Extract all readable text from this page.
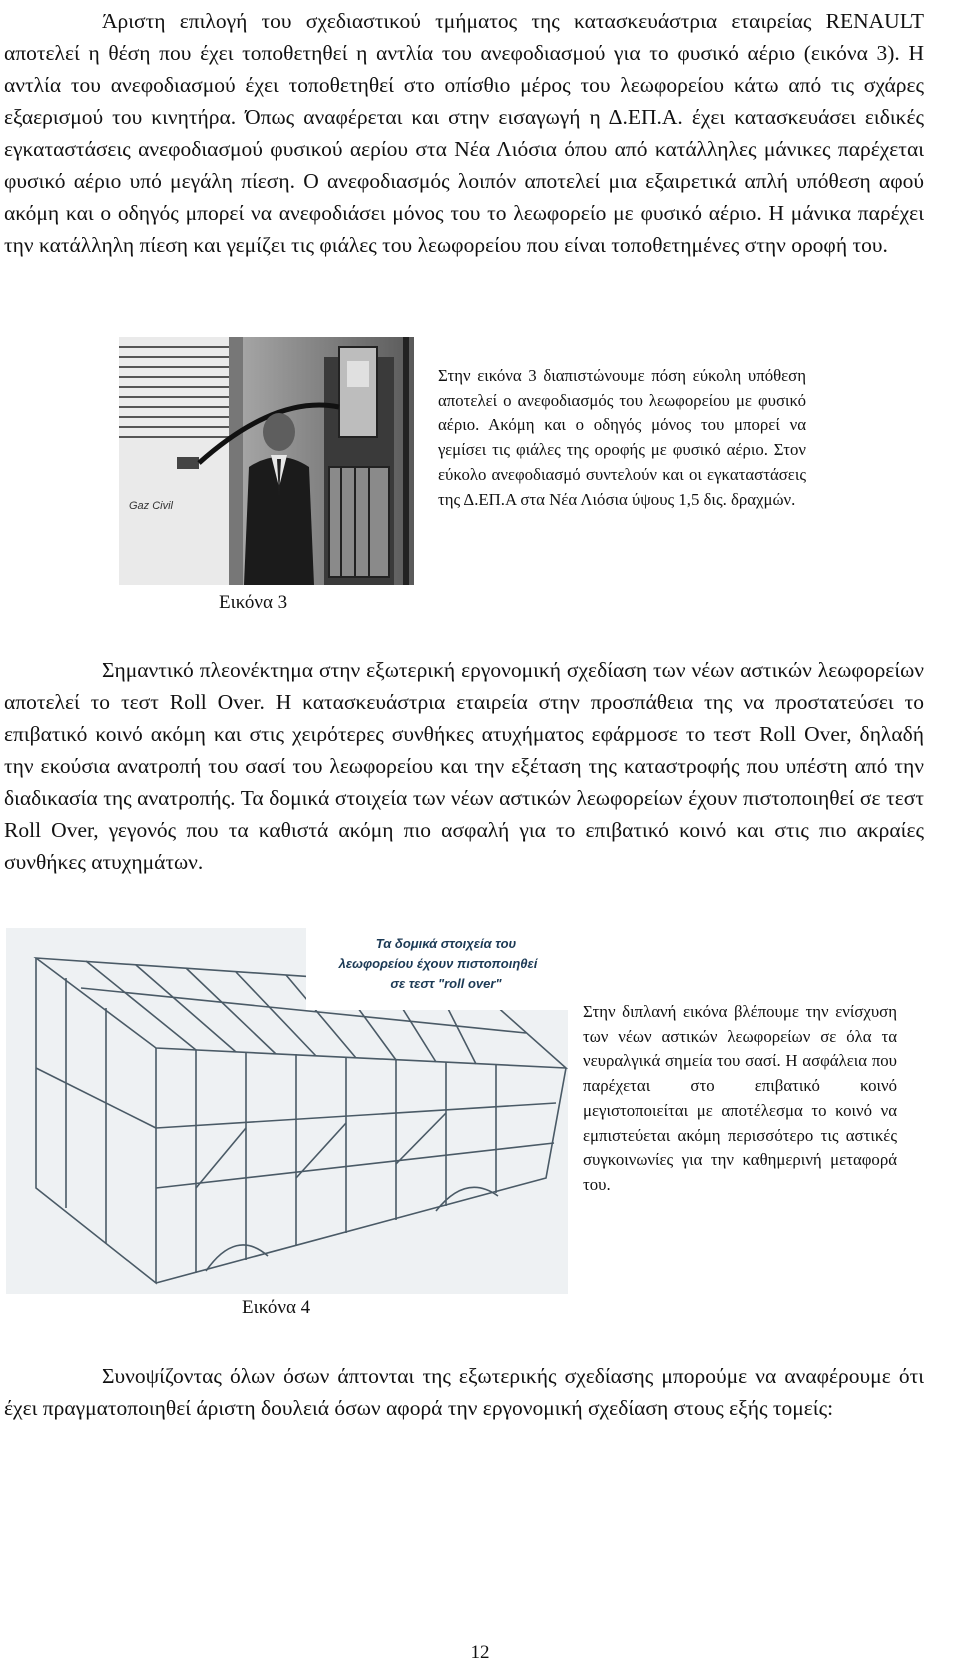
Άριστη επιλογή του σχεδιαστικού τμήματος της κατασκευάστρια εταιρείας RENAULT αποτελεί η θέση που έχει τοποθετηθεί η αντλία του ανεφοδιασμού για το φυσικό αέριο (εικόνα 3). Η αντλία του ανεφοδιασμού έχει τοποθετηθεί στο οπίσθιο μέρος του λεωφορείου κάτω από τις σχάρες εξαερισμού του κινητήρα. Όπως αναφέρεται και στην εισαγωγή η Δ.ΕΠ.Α. έχει κατασκευάσει ειδικές εγκαταστάσεις ανεφοδιασμού φυσικού αερίου στα Νέα Λιόσια όπου από κατάλληλες μάνικες παρέχεται φυσικό αέριο υπό μεγάλη πίεση. Ο ανεφοδιασμός λοιπόν αποτελεί μια εξαιρετικά απλή υπόθεση αφού ακόμη και ο οδηγός μπορεί να ανεφοδιάσει μόνος του το λεωφορείο με φυσικό αέριο. Η μάνικα παρέχει την κατάλληλη πίεση και γεμίζει τις φιάλες του λεωφορείου που είναι τοποθετημένες στην οροφή του.

Gaz Civil
Εικόνα 3

Στην εικόνα 3 διαπιστώνουμε πόση εύκολη υπόθεση αποτελεί ο ανεφοδιασμός του λεωφορείου με φυσικό αέριο. Ακόμη και ο οδηγός μόνος του μπορεί να γεμίσει τις φιάλες της οροφής με φυσικό αέριο. Στον εύκολο ανεφοδιασμό συντελούν και οι εγκαταστάσεις της Δ.ΕΠ.Α στα Νέα Λιόσια ύψους 1,5 δις. δραχμών.

Σημαντικό πλεονέκτημα στην εξωτερική εργονομική σχεδίαση των νέων αστικών λεωφορείων αποτελεί το τεστ Roll Over. Η κατασκευάστρια εταιρεία στην προσπάθεια της να προστατεύσει το επιβατικό κοινό ακόμη και στις χειρότερες συνθήκες ατυχήματος εφάρμοσε το τεστ Roll Over, δηλαδή την εκούσια ανατροπή του σασί του λεωφορείου και την εξέταση της καταστροφής που υπέστη από την διαδικασία της ανατροπής. Τα δομικά στοιχεία των νέων αστικών λεωφορείων έχουν πιστοποιηθεί σε τεστ Roll Over, γεγονός που τα καθιστά ακόμη πιο ασφαλή για το επιβατικό κοινό και στις πιο ακραίες συνθήκες ατυχημάτων.

Τα δομικά στοιχεία του
λεωφορείου έχουν πιστοποιηθεί
σε τεστ "roll over"
Εικόνα 4

Στην διπλανή εικόνα βλέπουμε την ενίσχυση των νέων αστικών λεωφορείων σε όλα τα νευραλγικά σημεία του σασί. Η ασφάλεια που παρέχεται στο επιβατικό κοινό μεγιστοποιείται με αποτέλεσμα το κοινό να εμπιστεύεται ακόμη περισσότερο τις αστικές συγκοινωνίες για την καθημερινή μεταφορά του.

Συνοψίζοντας όλων όσων άπτονται της εξωτερικής σχεδίασης μπορούμε να αναφέρουμε ότι έχει πραγματοποιηθεί άριστη δουλειά όσων αφορά την εργονομική σχεδίαση στους εξής τομείς:

12
